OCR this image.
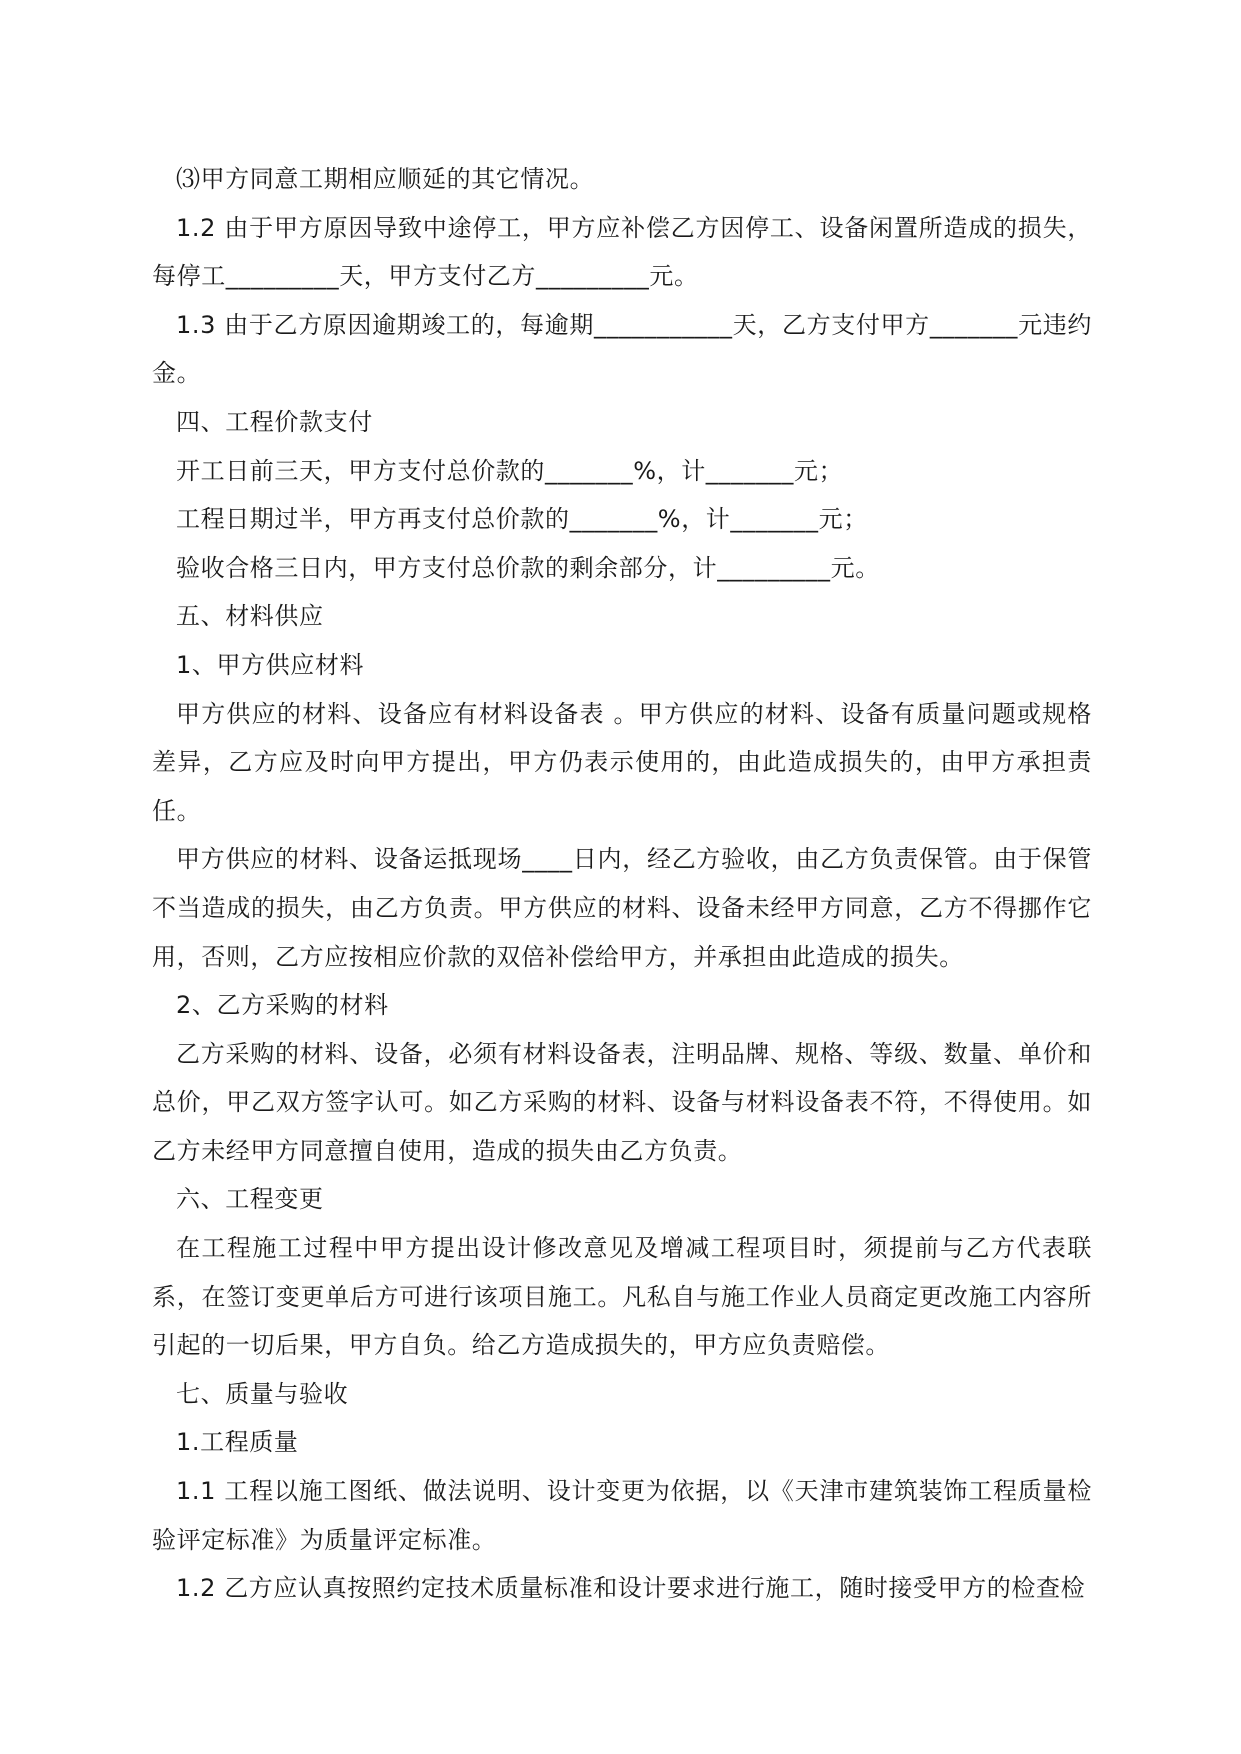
⑶甲方同意工期相应顺延的其它情况。

1.2 由于甲方原因导致中途停工，甲方应补偿乙方因停工、设备闲置所造成的损失，每停工_________天，甲方支付乙方_________元。

1.3 由于乙方原因逾期竣工的，每逾期___________天，乙方支付甲方_______元违约金。

四、工程价款支付

开工日前三天，甲方支付总价款的_______%，计_______元；

工程日期过半，甲方再支付总价款的_______%，计_______元；

验收合格三日内，甲方支付总价款的剩余部分，计_________元。

五、材料供应

1、甲方供应材料

甲方供应的材料、设备应有材料设备表 。甲方供应的材料、设备有质量问题或规格差异，乙方应及时向甲方提出，甲方仍表示使用的，由此造成损失的，由甲方承担责任。

甲方供应的材料、设备运抵现场____日内，经乙方验收，由乙方负责保管。由于保管不当造成的损失，由乙方负责。甲方供应的材料、设备未经甲方同意，乙方不得挪作它用，否则，乙方应按相应价款的双倍补偿给甲方，并承担由此造成的损失。

2、乙方采购的材料

乙方采购的材料、设备，必须有材料设备表，注明品牌、规格、等级、数量、单价和总价，甲乙双方签字认可。如乙方采购的材料、设备与材料设备表不符，不得使用。如乙方未经甲方同意擅自使用，造成的损失由乙方负责。

六、工程变更

在工程施工过程中甲方提出设计修改意见及增减工程项目时，须提前与乙方代表联系，在签订变更单后方可进行该项目施工。凡私自与施工作业人员商定更改施工内容所引起的一切后果，甲方自负。给乙方造成损失的，甲方应负责赔偿。

七、质量与验收

1.工程质量

1.1 工程以施工图纸、做法说明、设计变更为依据，以《天津市建筑装饰工程质量检验评定标准》为质量评定标准。

1.2 乙方应认真按照约定技术质量标准和设计要求进行施工，随时接受甲方的检查检
